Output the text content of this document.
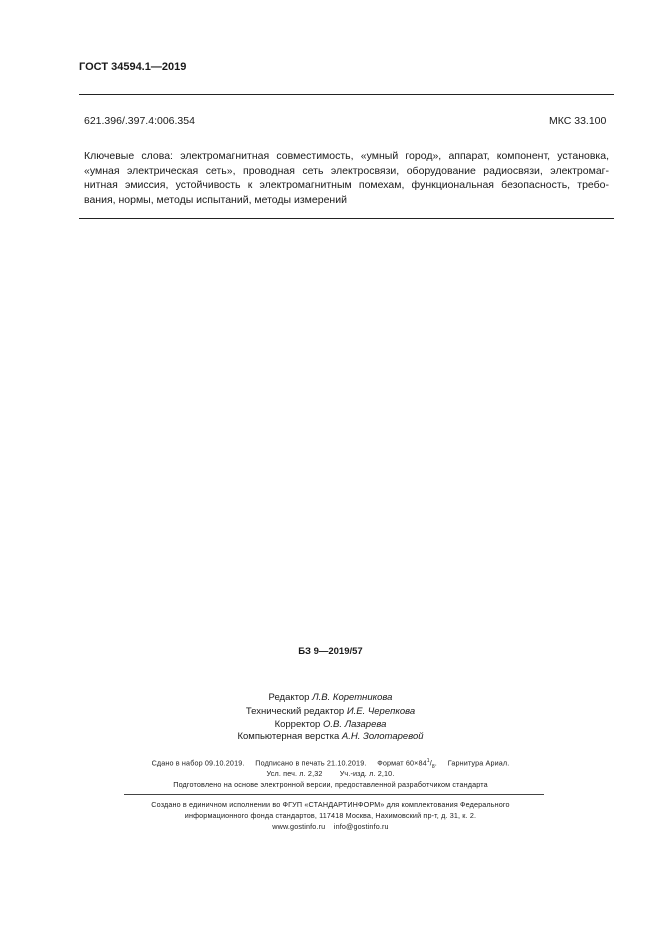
ГОСТ 34594.1—2019
621.396/.397.4:006.354	МКС 33.100
Ключевые слова: электромагнитная совместимость, «умный город», аппарат, компонент, установка,
«умная электрическая сеть», проводная сеть электросвязи, оборудование радиосвязи, электромаг-
нитная эмиссия, устойчивость к электромагнитным помехам, функциональная безопасность, требо-
вания, нормы, методы испытаний, методы измерений
БЗ 9—2019/57
Редактор Л.В. Коретникова
Технический редактор И.Е. Черепкова
Корректор О.В. Лазарева
Компьютерная верстка А.Н. Золотаревой
Сдано в набор 09.10.2019. Подписано в печать 21.10.2019. Формат $60\times 84^1/_8$.     Гарнитура Ариал.
Усл. печ. л. 2,32 Уч.-изд. л. 2,10.
Подготовлено на основе электронной версии, предоставленной разработчиком стандарта
Создано в единичном исполнении во ФГУП «СТАНДАРТИНФОРМ» для комплектования Федерального
информационного фонда стандартов, 117418 Москва, Нахимовский пр-т, д. 31, к. 2.
www.gostinfo.ru info@gostinfo.ru
